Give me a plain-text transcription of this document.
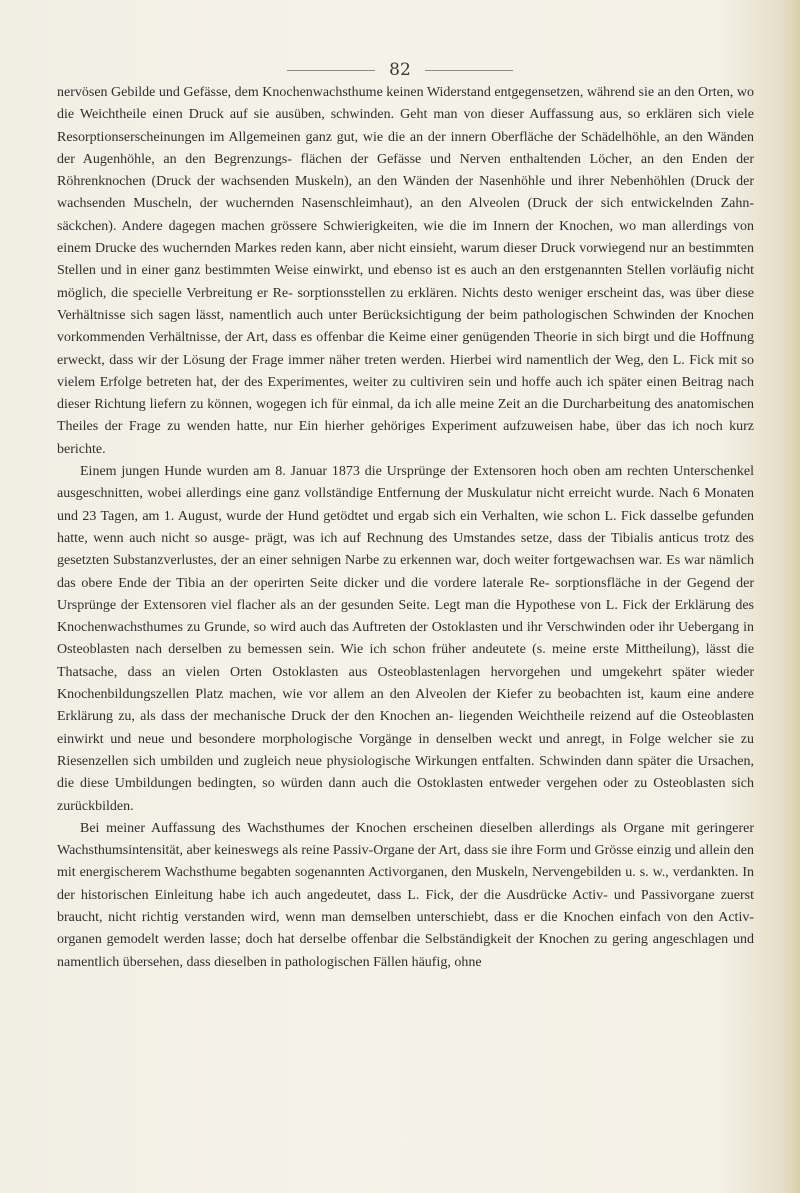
82

nervösen Gebilde und Gefässe, dem Knochenwachsthume keinen Widerstand entgegensetzen, während sie an den Orten, wo die Weichtheile einen Druck auf sie ausüben, schwinden. Geht man von dieser Auffassung aus, so erklären sich viele Resorptionserscheinungen im Allgemeinen ganz gut, wie die an der innern Oberfläche der Schädelhöhle, an den Wänden der Augenhöhle, an den Begrenzungs- flächen der Gefässe und Nerven enthaltenden Löcher, an den Enden der Röhrenknochen (Druck der wachsenden Muskeln), an den Wänden der Nasenhöhle und ihrer Nebenhöhlen (Druck der wachsenden Muscheln, der wuchernden Nasenschleimhaut), an den Alveolen (Druck der sich entwickelnden Zahn- säckchen). Andere dagegen machen grössere Schwierigkeiten, wie die im Innern der Knochen, wo man allerdings von einem Drucke des wuchernden Markes reden kann, aber nicht einsieht, warum dieser Druck vorwiegend nur an bestimmten Stellen und in einer ganz bestimmten Weise einwirkt, und ebenso ist es auch an den erstgenannten Stellen vorläufig nicht möglich, die specielle Verbreitung er Re- sorptionsstellen zu erklären. Nichts desto weniger erscheint das, was über diese Verhältnisse sich sagen lässt, namentlich auch unter Berücksichtigung der beim pathologischen Schwinden der Knochen vorkommenden Verhältnisse, der Art, dass es offenbar die Keime einer genügenden Theorie in sich birgt und die Hoffnung erweckt, dass wir der Lösung der Frage immer näher treten werden. Hierbei wird namentlich der Weg, den L. Fick mit so vielem Erfolge betreten hat, der des Experimentes, weiter zu cultiviren sein und hoffe auch ich später einen Beitrag nach dieser Richtung liefern zu können, wogegen ich für einmal, da ich alle meine Zeit an die Durcharbeitung des anatomischen Theiles der Frage zu wenden hatte, nur Ein hierher gehöriges Experiment aufzuweisen habe, über das ich noch kurz berichte.

Einem jungen Hunde wurden am 8. Januar 1873 die Ursprünge der Extensoren hoch oben am rechten Unterschenkel ausgeschnitten, wobei allerdings eine ganz vollständige Entfernung der Muskulatur nicht erreicht wurde. Nach 6 Monaten und 23 Tagen, am 1. August, wurde der Hund getödtet und ergab sich ein Verhalten, wie schon L. Fick dasselbe gefunden hatte, wenn auch nicht so ausge- prägt, was ich auf Rechnung des Umstandes setze, dass der Tibialis anticus trotz des gesetzten Substanzverlustes, der an einer sehnigen Narbe zu erkennen war, doch weiter fortgewachsen war. Es war nämlich das obere Ende der Tibia an der operirten Seite dicker und die vordere laterale Re- sorptionsfläche in der Gegend der Ursprünge der Extensoren viel flacher als an der gesunden Seite. Legt man die Hypothese von L. Fick der Erklärung des Knochenwachsthumes zu Grunde, so wird auch das Auftreten der Ostoklasten und ihr Verschwinden oder ihr Uebergang in Osteoblasten nach derselben zu bemessen sein. Wie ich schon früher andeutete (s. meine erste Mittheilung), lässt die Thatsache, dass an vielen Orten Ostoklasten aus Osteoblastenlagen hervorgehen und umgekehrt später wieder Knochenbildungszellen Platz machen, wie vor allem an den Alveolen der Kiefer zu beobachten ist, kaum eine andere Erklärung zu, als dass der mechanische Druck der den Knochen an- liegenden Weichtheile reizend auf die Osteoblasten einwirkt und neue und besondere morphologische Vorgänge in denselben weckt und anregt, in Folge welcher sie zu Riesenzellen sich umbilden und zugleich neue physiologische Wirkungen entfalten. Schwinden dann später die Ursachen, die diese Umbildungen bedingten, so würden dann auch die Ostoklasten entweder vergehen oder zu Osteoblasten sich zurückbilden.

Bei meiner Auffassung des Wachsthumes der Knochen erscheinen dieselben allerdings als Organe mit geringerer Wachsthumsintensität, aber keineswegs als reine Passiv-Organe der Art, dass sie ihre Form und Grösse einzig und allein den mit energischerem Wachsthume begabten sogenannten Activorganen, den Muskeln, Nervengebilden u. s. w., verdankten. In der historischen Einleitung habe ich auch angedeutet, dass L. Fick, der die Ausdrücke Activ- und Passivorgane zuerst braucht, nicht richtig verstanden wird, wenn man demselben unterschiebt, dass er die Knochen einfach von den Activ- organen gemodelt werden lasse; doch hat derselbe offenbar die Selbständigkeit der Knochen zu gering angeschlagen und namentlich übersehen, dass dieselben in pathologischen Fällen häufig, ohne
